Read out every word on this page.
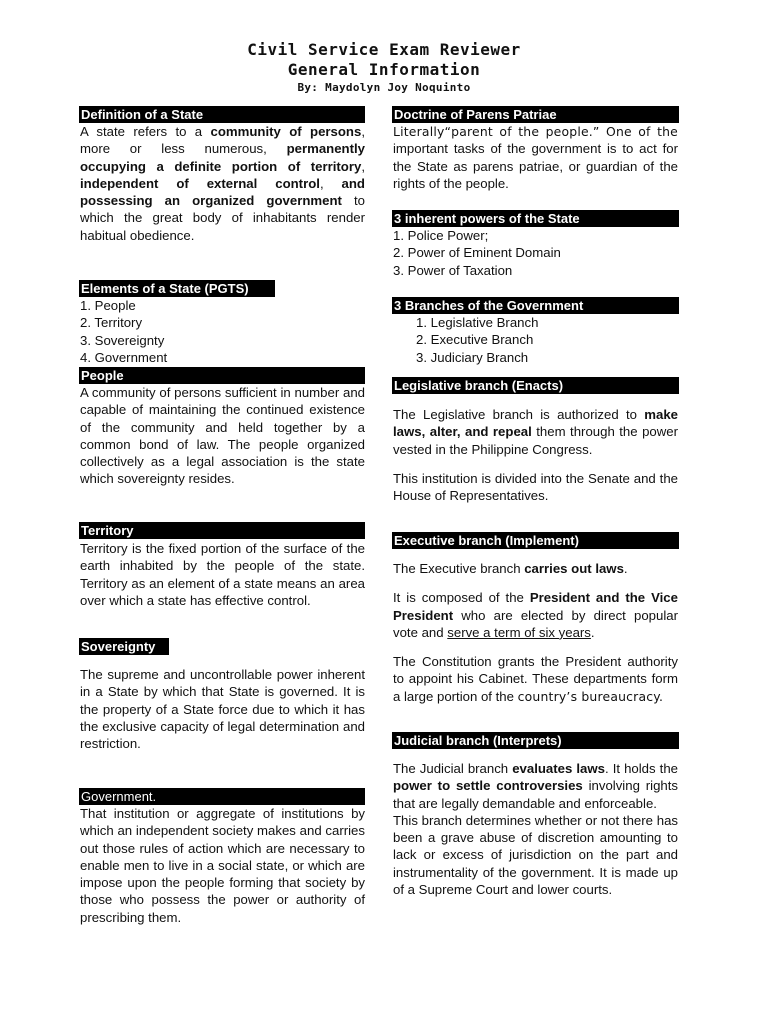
Civil Service Exam Reviewer
General Information
By: Maydolyn Joy Noquinto
Definition of a State
A state refers to a community of persons, more or less numerous, permanently occupying a definite portion of territory, independent of external control, and possessing an organized government to which the great body of inhabitants render habitual obedience.
Elements of a State (PGTS)
1. People
2. Territory
3. Sovereignty
4. Government
People
A community of persons sufficient in number and capable of maintaining the continued existence of the community and held together by a common bond of law. The people organized collectively as a legal association is the state which sovereignty resides.
Territory
Territory is the fixed portion of the surface of the earth inhabited by the people of the state. Territory as an element of a state means an area over which a state has effective control.
Sovereignty
The supreme and uncontrollable power inherent in a State by which that State is governed. It is the property of a State force due to which it has the exclusive capacity of legal determination and restriction.
Government.
That institution or aggregate of institutions by which an independent society makes and carries out those rules of action which are necessary to enable men to live in a social state, or which are impose upon the people forming that society by those who possess the power or authority of prescribing them.
Doctrine of Parens Patriae
Literally“parent of the people.” One of the important tasks of the government is to act for the State as parens patriae, or guardian of the rights of the people.
3 inherent powers of the State
1. Police Power;
2. Power of Eminent Domain
3. Power of Taxation
3 Branches of the Government
1. Legislative Branch
2. Executive Branch
3. Judiciary Branch
Legislative branch (Enacts)
The Legislative branch is authorized to make laws, alter, and repeal them through the power vested in the Philippine Congress.
This institution is divided into the Senate and the House of Representatives.
Executive branch (Implement)
The Executive branch carries out laws.
It is composed of the President and the Vice President who are elected by direct popular vote and serve a term of six years.
The Constitution grants the President authority to appoint his Cabinet. These departments form a large portion of the country’s bureaucracy.
Judicial branch (Interprets)
The Judicial branch evaluates laws. It holds the power to settle controversies involving rights that are legally demandable and enforceable.
This branch determines whether or not there has been a grave abuse of discretion amounting to lack or excess of jurisdiction on the part and instrumentality of the government. It is made up of a Supreme Court and lower courts.
